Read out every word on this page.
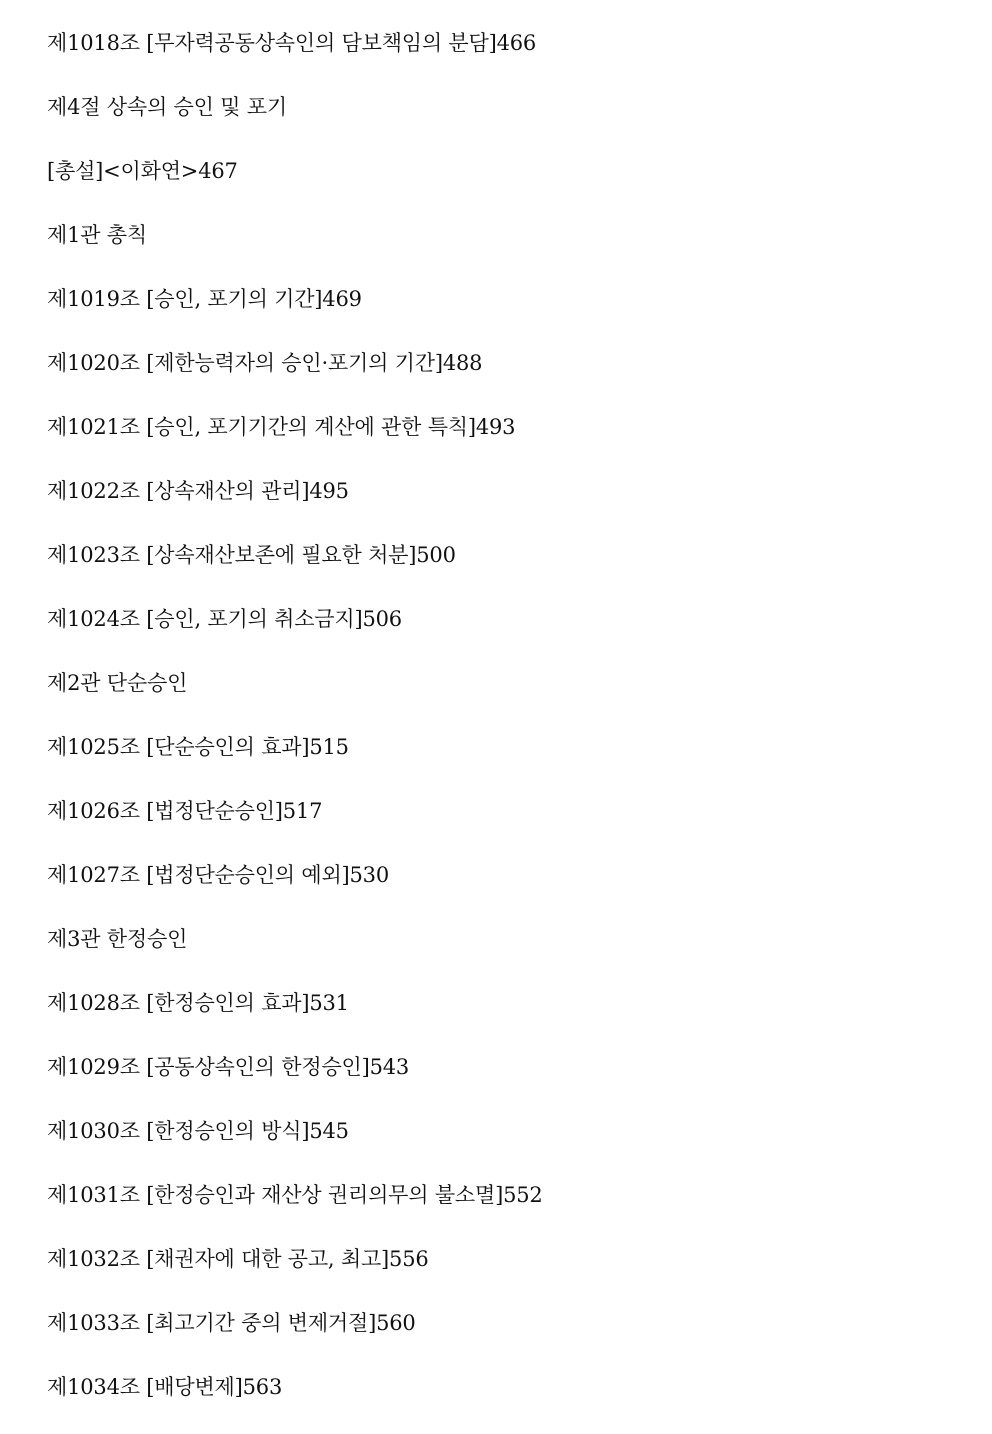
제1018조 [무자력공동상속인의 담보책임의 분담]466
제4절 상속의 승인 및 포기
[총설]<이화연>467
제1관 총칙
제1019조 [승인, 포기의 기간]469
제1020조 [제한능력자의 승인·포기의 기간]488
제1021조 [승인, 포기기간의 계산에 관한 특칙]493
제1022조 [상속재산의 관리]495
제1023조 [상속재산보존에 필요한 처분]500
제1024조 [승인, 포기의 취소금지]506
제2관 단순승인
제1025조 [단순승인의 효과]515
제1026조 [법정단순승인]517
제1027조 [법정단순승인의 예외]530
제3관 한정승인
제1028조 [한정승인의 효과]531
제1029조 [공동상속인의 한정승인]543
제1030조 [한정승인의 방식]545
제1031조 [한정승인과 재산상 권리의무의 불소멸]552
제1032조 [채권자에 대한 공고, 최고]556
제1033조 [최고기간 중의 변제거절]560
제1034조 [배당변제]563
